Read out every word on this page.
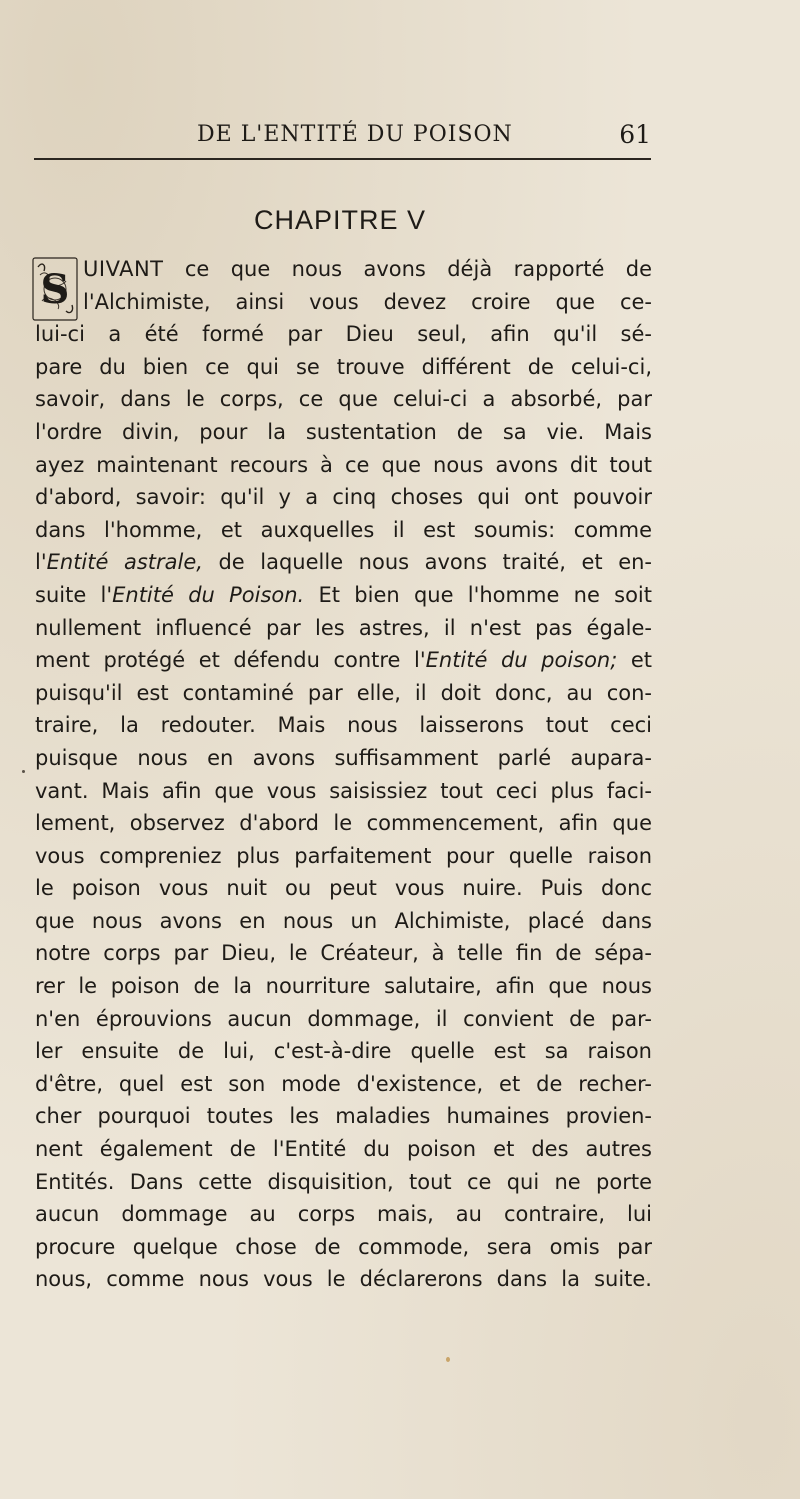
DE L'ENTITÉ DU POISON	61
CHAPITRE V
S UIVANT ce que nous avons déjà rapporté de
l'Alchimiste, ainsi vous devez croire que ce-
lui-ci a été formé par Dieu seul, afin qu'il sé-
pare du bien ce qui se trouve différent de celui-ci,
savoir, dans le corps, ce que celui-ci a absorbé, par
l'ordre divin, pour la sustentation de sa vie. Mais
ayez maintenant recours à ce que nous avons dit tout
d'abord, savoir: qu'il y a cinq choses qui ont pouvoir
dans l'homme, et auxquelles il est soumis: comme
l'Entité astrale, de laquelle nous avons traité, et en-
suite l'Entité du Poison. Et bien que l'homme ne soit
nullement influencé par les astres, il n'est pas égale-
ment protégé et défendu contre l'Entité du poison; et
puisqu'il est contaminé par elle, il doit donc, au con-
traire, la redouter. Mais nous laisserons tout ceci
puisque nous en avons suffisamment parlé aupara-
vant. Mais afin que vous saisissiez tout ceci plus faci-
lement, observez d'abord le commencement, afin que
vous compreniez plus parfaitement pour quelle raison
le poison vous nuit ou peut vous nuire. Puis donc
que nous avons en nous un Alchimiste, placé dans
notre corps par Dieu, le Créateur, à telle fin de sépa-
rer le poison de la nourriture salutaire, afin que nous
n'en éprouvions aucun dommage, il convient de par-
ler ensuite de lui, c'est-à-dire quelle est sa raison
d'être, quel est son mode d'existence, et de recher-
cher pourquoi toutes les maladies humaines provien-
nent également de l'Entité du poison et des autres
Entités. Dans cette disquisition, tout ce qui ne porte
aucun dommage au corps mais, au contraire, lui
procure quelque chose de commode, sera omis par
nous, comme nous vous le déclarerons dans la suite.
